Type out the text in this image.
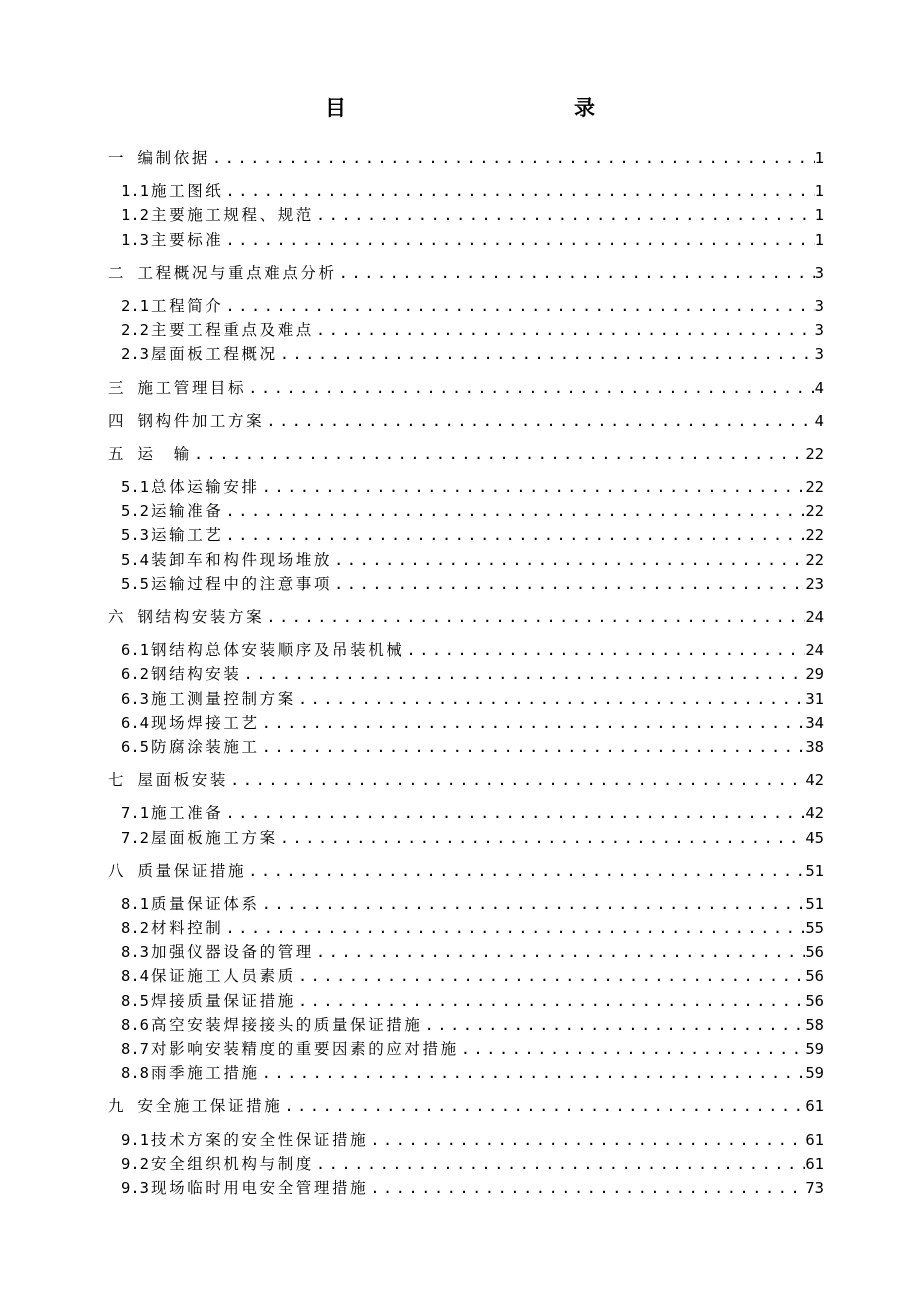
目　　录
一 编制依据 .....	1
1.1 施工图纸 .....	1
1.2 主要施工规程、规范 .....	1
1.3 主要标准 .....	1
二 工程概况与重点难点分析 .....	3
2.1 工程简介 .....	3
2.2 主要工程重点及难点 .....	3
2.3 屋面板工程概况 .....	3
三 施工管理目标 .....	4
四 钢构件加工方案 .....	4
五 运　输 .....	22
5.1 总体运输安排 .....	22
5.2 运输准备 .....	22
5.3 运输工艺 .....	22
5.4 装卸车和构件现场堆放 .....	22
5.5 运输过程中的注意事项 .....	23
六 钢结构安装方案 .....	24
6.1 钢结构总体安装顺序及吊装机械 .....	24
6.2 钢结构安装 .....	29
6.3 施工测量控制方案 .....	31
6.4 现场焊接工艺 .....	34
6.5 防腐涂装施工 .....	38
七 屋面板安装 .....	42
7.1 施工准备 .....	42
7.2 屋面板施工方案 .....	45
八 质量保证措施 .....	51
8.1 质量保证体系 .....	51
8.2 材料控制 .....	55
8.3 加强仪器设备的管理 .....	56
8.4 保证施工人员素质 .....	56
8.5 焊接质量保证措施 .....	56
8.6 高空安装焊接接头的质量保证措施 .....	58
8.7 对影响安装精度的重要因素的应对措施 .....	59
8.8 雨季施工措施 .....	59
九 安全施工保证措施 .....	61
9.1 技术方案的安全性保证措施 .....	61
9.2 安全组织机构与制度 .....	61
9.3 现场临时用电安全管理措施 .....	73
